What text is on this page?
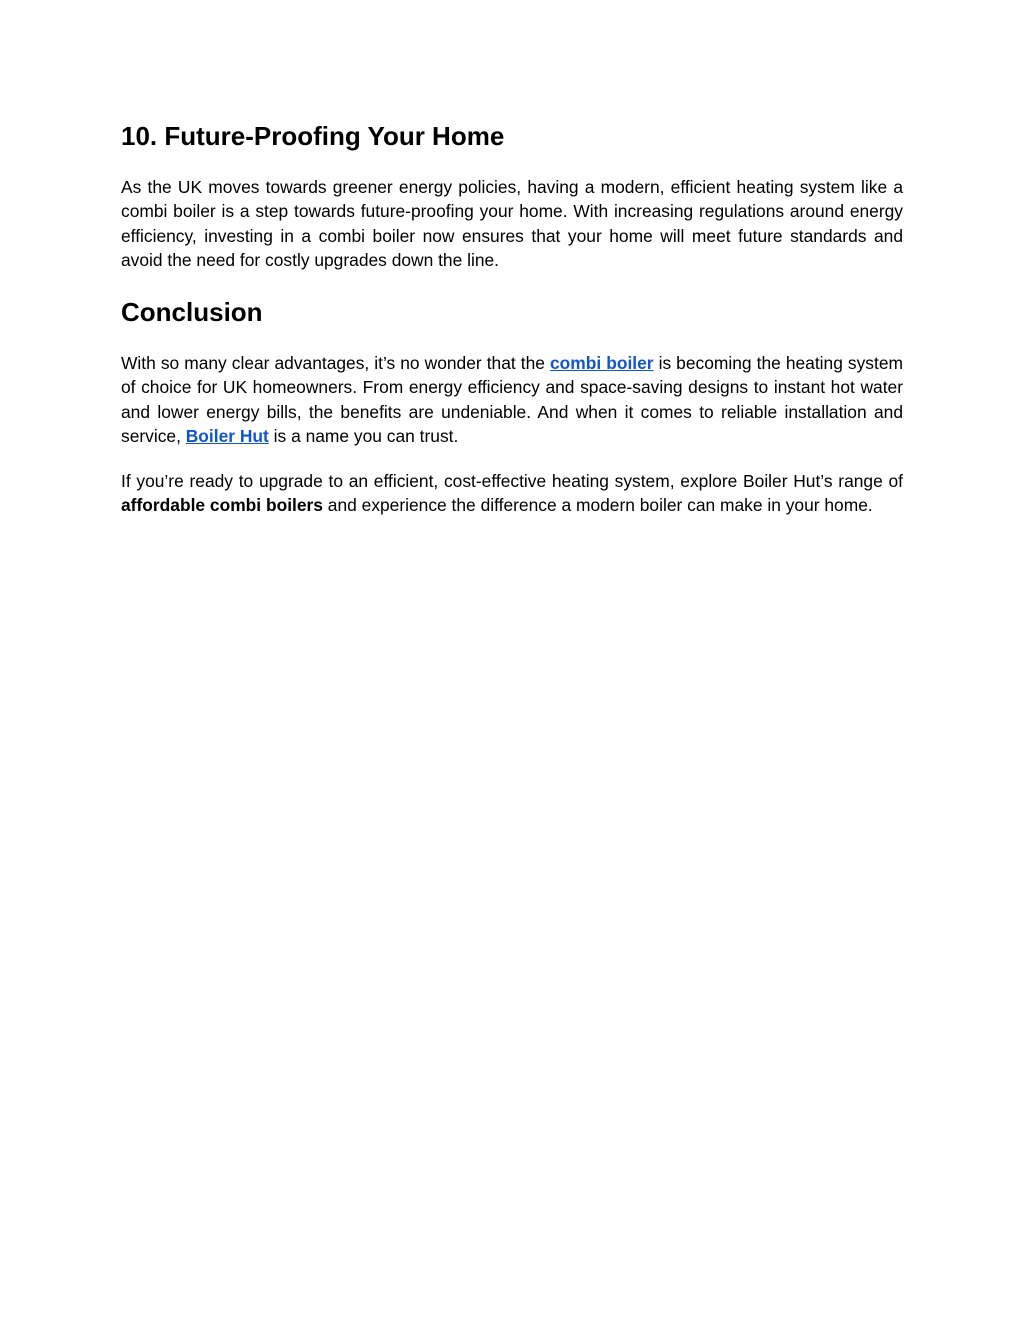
10. Future-Proofing Your Home

As the UK moves towards greener energy policies, having a modern, efficient heating system like a combi boiler is a step towards future-proofing your home. With increasing regulations around energy efficiency, investing in a combi boiler now ensures that your home will meet future standards and avoid the need for costly upgrades down the line.

Conclusion

With so many clear advantages, it’s no wonder that the combi boiler is becoming the heating system of choice for UK homeowners. From energy efficiency and space-saving designs to instant hot water and lower energy bills, the benefits are undeniable. And when it comes to reliable installation and service, Boiler Hut is a name you can trust.

If you’re ready to upgrade to an efficient, cost-effective heating system, explore Boiler Hut’s range of affordable combi boilers and experience the difference a modern boiler can make in your home.
